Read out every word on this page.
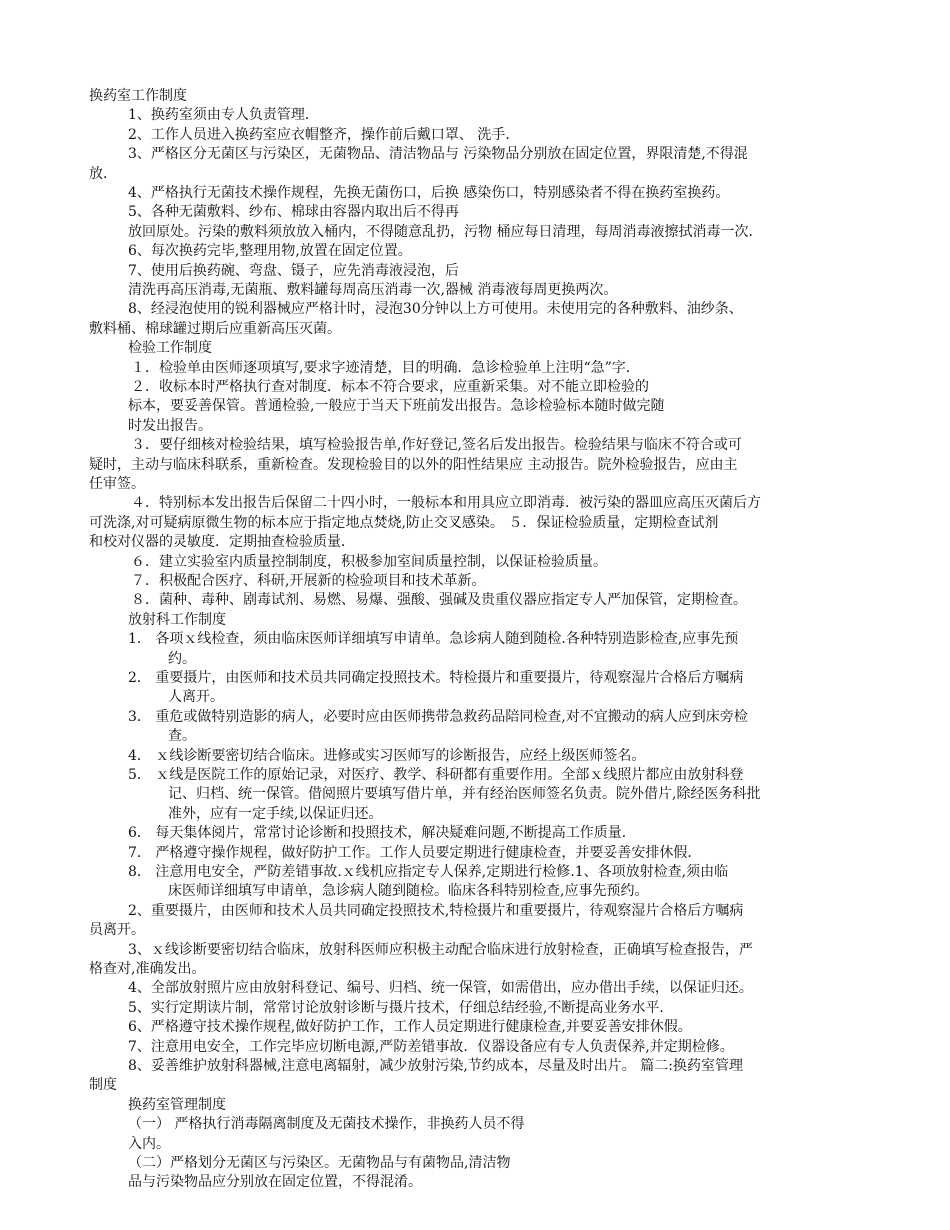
换药室工作制度

1、换药室须由专人负责管理．

2、工作人员进入换药室应衣帽整齐，操作前后戴口罩、 洗手．

3、严格区分无菌区与污染区，无菌物品、清洁物品与 污染物品分别放在固定位置，界限清楚,不得混

放．

4、严格执行无菌技术操作规程，先换无菌伤口，后换 感染伤口，特别感染者不得在换药室换药。

5、各种无菌敷料、纱布、棉球由容器内取出后不得再

放回原处。污染的敷料须放放入桶内，不得随意乱扔，污物 桶应每日清理，每周消毒液擦拭消毒一次．

6、每次换药完毕,整理用物,放置在固定位置。

7、使用后换药碗、弯盘、镊子，应先消毒液浸泡，后

清洗再高压消毒,无菌瓶、敷料罐每周高压消毒一次,器械 消毒液每周更换两次。

8、经浸泡使用的锐利器械应严格计时，浸泡30分钟以上方可使用。未使用完的各种敷料、油纱条、

敷料桶、棉球罐过期后应重新高压灭菌。

检验工作制度

１．检验单由医师逐项填写,要求字迹清楚，目的明确．急诊检验单上注明“急”字．

２．收标本时严格执行查对制度．标本不符合要求，应重新采集。对不能立即检验的

标本，要妥善保管。普通检验,一般应于当天下班前发出报告。急诊检验标本随时做完随

时发出报告。

３．要仔细核对检验结果，填写检验报告单,作好登记,签名后发出报告。检验结果与临床不符合或可

疑时，主动与临床科联系，重新检查。发现检验目的以外的阳性结果应 主动报告。院外检验报告，应由主

任审签。

４．特别标本发出报告后保留二十四小时，一般标本和用具应立即消毒．被污染的器皿应高压灭菌后方

可洗涤,对可疑病原微生物的标本应于指定地点焚烧,防止交叉感染。 ５．保证检验质量，定期检查试剂

和校对仪器的灵敏度．定期抽查检验质量．

６．建立实验室内质量控制制度，积极参加室间质量控制，以保证检验质量。

７．积极配合医疗、科研,开展新的检验项目和技术革新。

８．菌种、毒种、剧毒试剂、易燃、易爆、强酸、强碱及贵重仪器应指定专人严加保管，定期检查。

放射科工作制度

1． 各项ｘ线检查，须由临床医师详细填写申请单。急诊病人随到随检.各种特别造影检查,应事先预

约。

2． 重要摄片，由医师和技术员共同确定投照技术。特检摄片和重要摄片，待观察湿片合格后方嘱病

人离开。

3． 重危或做特别造影的病人，必要时应由医师携带急救药品陪同检查,对不宜搬动的病人应到床旁检

查。

4． ｘ线诊断要密切结合临床。进修或实习医师写的诊断报告，应经上级医师签名。

5． ｘ线是医院工作的原始记录，对医疗、教学、科研都有重要作用。全部ｘ线照片都应由放射科登

记、归档、统一保管。借阅照片要填写借片单，并有经治医师签名负责。院外借片,除经医务科批

准外，应有一定手续,以保证归还。

6． 每天集体阅片，常常讨论诊断和投照技术，解决疑难问题,不断提高工作质量．

7． 严格遵守操作规程，做好防护工作。工作人员要定期进行健康检查，并要妥善安排休假．

8． 注意用电安全，严防差错事故.ｘ线机应指定专人保养,定期进行检修.1、各项放射检查,须由临

床医师详细填写申请单，急诊病人随到随检。临床各科特别检查,应事先预约。

2、重要摄片，由医师和技术人员共同确定投照技术,特检摄片和重要摄片，待观察湿片合格后方嘱病

员离开。

3、ｘ线诊断要密切结合临床，放射科医师应积极主动配合临床进行放射检查，正确填写检查报告，严

格查对,准确发出。

4、全部放射照片应由放射科登记、编号、归档、统一保管，如需借出，应办借出手续，以保证归还。

5、实行定期读片制，常常讨论放射诊断与摄片技术，仔细总结经验,不断提高业务水平．

6、严格遵守技术操作规程,做好防护工作，工作人员定期进行健康检查,并要妥善安排休假。

7、注意用电安全，工作完毕应切断电源,严防差错事故．仪器设备应有专人负责保养,并定期检修。

8、妥善维护放射科器械,注意电离辐射，减少放射污染,节约成本，尽量及时出片。 篇二:换药室管理

制度

换药室管理制度

（一） 严格执行消毒隔离制度及无菌技术操作，非换药人员不得

入内。

（二）严格划分无菌区与污染区。无菌物品与有菌物品,清洁物

品与污染物品应分别放在固定位置，不得混淆。
